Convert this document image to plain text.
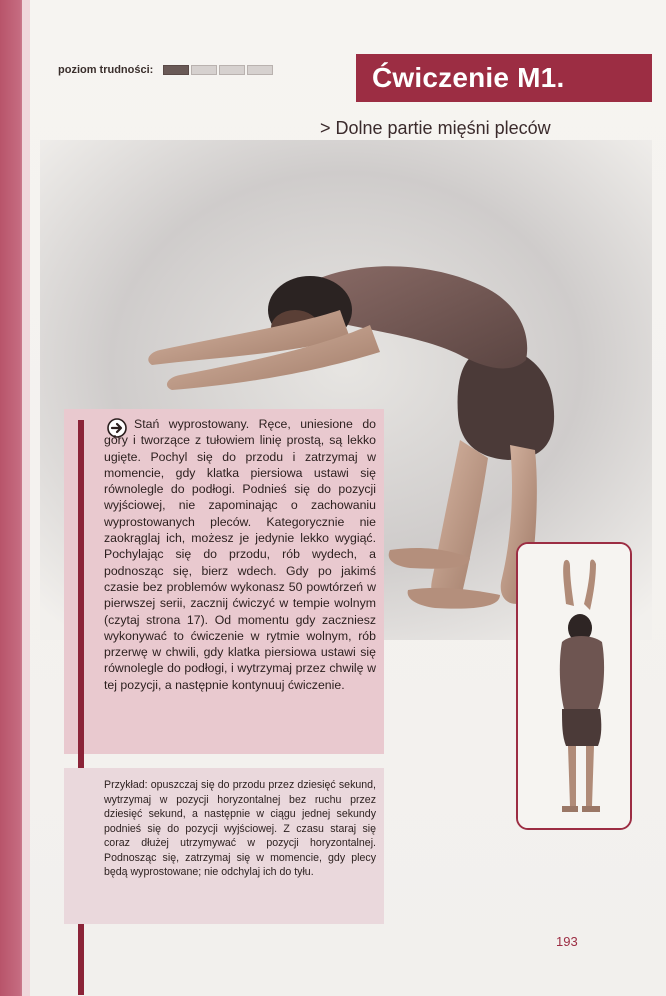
poziom trudności:	Ćwiczenie M1.
> Dolne partie mięśni pleców
Stań wyprostowany. Ręce, uniesione do góry i tworzące z tułowiem linię prostą, są lekko ugięte. Pochyl się do przodu i zatrzymaj w momencie, gdy klatka piersiowa ustawi się równolegle do podłogi. Podnieś się do pozycji wyjściowej, nie zapominając o zachowaniu wyprostowanych pleców. Kategorycznie nie zaokrąglaj ich, możesz je jedynie lekko wygiąć. Pochylając się do przodu, rób wydech, a podnosząc się, bierz wdech. Gdy po jakimś czasie bez problemów wykonasz 50 powtórzeń w pierwszej serii, zacznij ćwiczyć w tempie wolnym (czytaj strona 17). Od momentu gdy zaczniesz wykonywać to ćwiczenie w rytmie wolnym, rób przerwę w chwili, gdy klatka piersiowa ustawi się równolegle do podłogi, i wytrzymaj przez chwilę w tej pozycji, a następnie kontynuuj ćwiczenie.
Przykład: opuszczaj się do przodu przez dziesięć sekund, wytrzymaj w pozycji horyzontalnej bez ruchu przez dziesięć sekund, a następnie w ciągu jednej sekundy podnieś się do pozycji wyjściowej. Z czasu staraj się coraz dłużej utrzymywać w pozycji horyzontalnej. Podnosząc się, zatrzymaj się w momencie, gdy plecy będą wyprostowane; nie odchylaj ich do tyłu.
193
